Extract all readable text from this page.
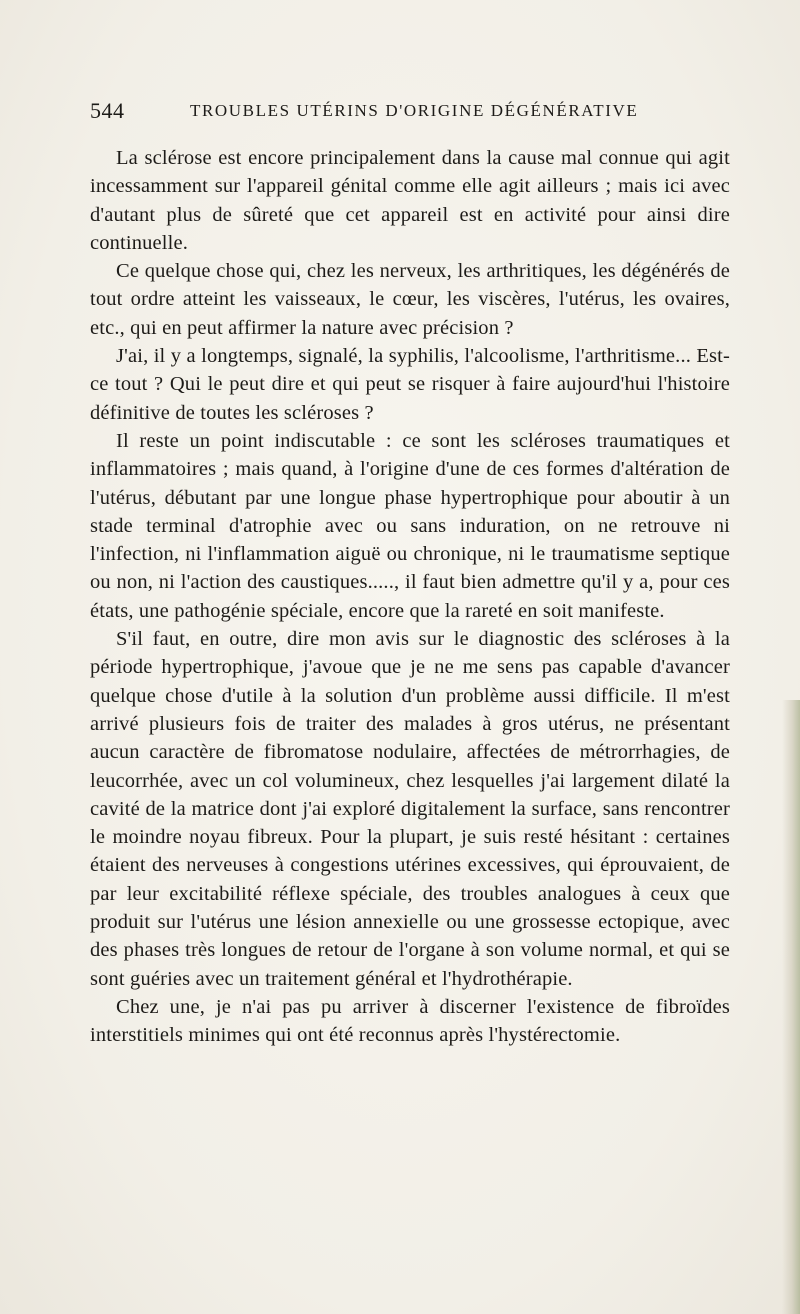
544	TROUBLES UTÉRINS D'ORIGINE DÉGÉNÉRATIVE

La sclérose est encore principalement dans la cause mal connue qui agit incessamment sur l'appareil génital comme elle agit ailleurs ; mais ici avec d'autant plus de sûreté que cet appareil est en activité pour ainsi dire continuelle.

Ce quelque chose qui, chez les nerveux, les arthritiques, les dégénérés de tout ordre atteint les vaisseaux, le cœur, les viscères, l'utérus, les ovaires, etc., qui en peut affirmer la nature avec précision ?

J'ai, il y a longtemps, signalé, la syphilis, l'alcoolisme, l'arthritisme... Est-ce tout ? Qui le peut dire et qui peut se risquer à faire aujourd'hui l'histoire définitive de toutes les scléroses ?

Il reste un point indiscutable : ce sont les scléroses traumatiques et inflammatoires ; mais quand, à l'origine d'une de ces formes d'altération de l'utérus, débutant par une longue phase hypertrophique pour aboutir à un stade terminal d'atrophie avec ou sans induration, on ne retrouve ni l'infection, ni l'inflammation aiguë ou chronique, ni le traumatisme septique ou non, ni l'action des caustiques....., il faut bien admettre qu'il y a, pour ces états, une pathogénie spéciale, encore que la rareté en soit manifeste.

S'il faut, en outre, dire mon avis sur le diagnostic des scléroses à la période hypertrophique, j'avoue que je ne me sens pas capable d'avancer quelque chose d'utile à la solution d'un problème aussi difficile. Il m'est arrivé plusieurs fois de traiter des malades à gros utérus, ne présentant aucun caractère de fibromatose nodulaire, affectées de métrorrhagies, de leucorrhée, avec un col volumineux, chez lesquelles j'ai largement dilaté la cavité de la matrice dont j'ai exploré digitalement la surface, sans rencontrer le moindre noyau fibreux. Pour la plupart, je suis resté hésitant : certaines étaient des nerveuses à congestions utérines excessives, qui éprouvaient, de par leur excitabilité réflexe spéciale, des troubles analogues à ceux que produit sur l'utérus une lésion annexielle ou une grossesse ectopique, avec des phases très longues de retour de l'organe à son volume normal, et qui se sont guéries avec un traitement général et l'hydrothérapie.

Chez une, je n'ai pas pu arriver à discerner l'existence de fibroïdes interstitiels minimes qui ont été reconnus après l'hystérectomie.
